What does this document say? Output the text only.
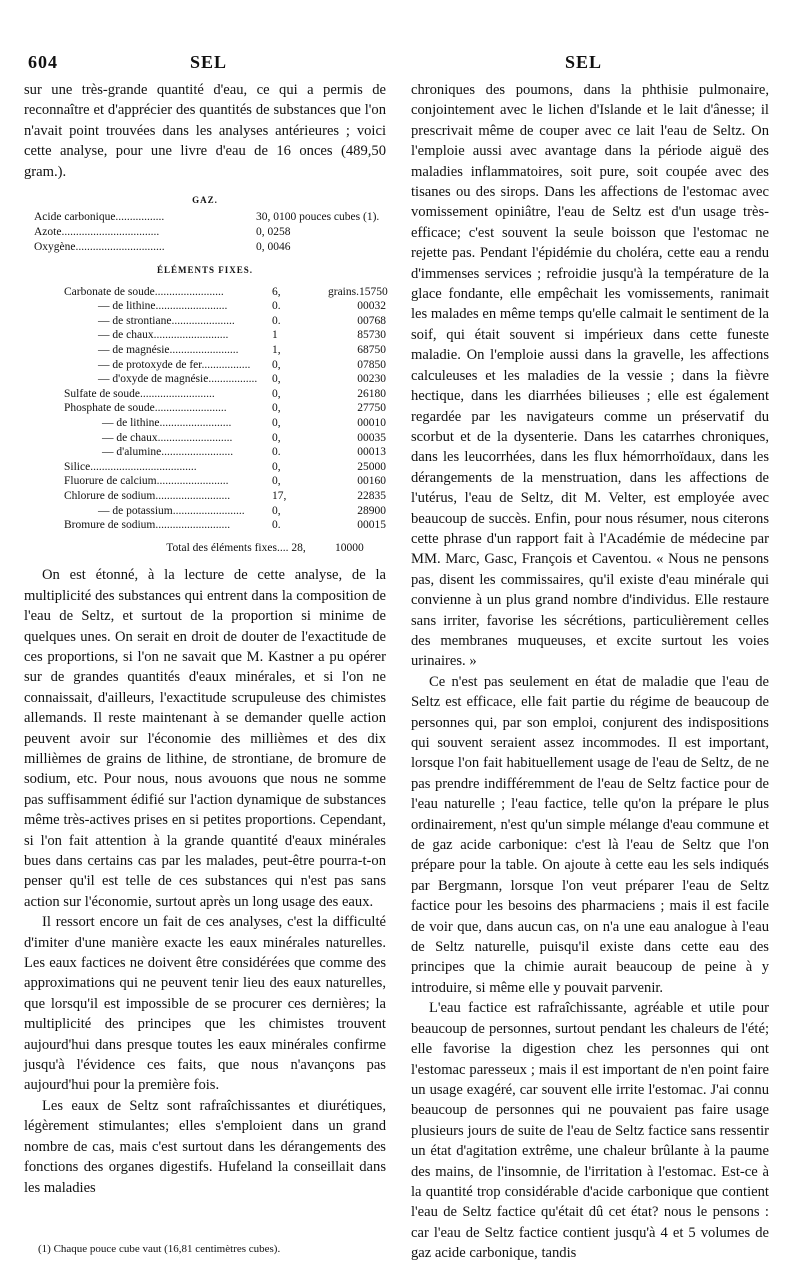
604	SEL	SEL

sur une très-grande quantité d'eau, ce qui a permis de reconnaître et d'apprécier des quantités de substances que l'on n'avait point trouvées dans les analyses antérieures ; voici cette analyse, pour une livre d'eau de 16 onces (489,50 gram.).

GAZ.

Acide carbonique.................	30, 0100 pouces cubes (1).
Azote..................................	0, 0258
Oxygène...............................	0, 0046

ÉLÉMENTS FIXES.

Carbonate de soude........................	6,	grains.15750
— de lithine.........................	0.	00032
— de strontiane......................	0.	00768
— de chaux..........................	1	85730
— de magnésie........................	1,	68750
— de protoxyde de fer.................	0,	07850
— d'oxyde de magnésie.................	0,	00230
Sulfate de soude..........................	0,	26180
Phosphate de soude.........................	0,	27750
— de lithine.........................	0,	00010
— de chaux..........................	0,	00035
— d'alumine.........................	0.	00013
Silice.....................................	0,	25000
Fluorure de calcium.........................	0,	00160
Chlorure de sodium..........................	17,	22835
— de potassium.........................	0,	28900
Bromure de sodium..........................	0.	00015
Total des éléments fixes.... 28,	10000

On est étonné, à la lecture de cette analyse, de la multiplicité des substances qui entrent dans la composition de l'eau de Seltz, et surtout de la proportion si minime de quelques unes. On serait en droit de douter de l'exactitude de ces proportions, si l'on ne savait que M. Kastner a pu opérer sur de grandes quantités d'eaux minérales, et si l'on ne connaissait, d'ailleurs, l'exactitude scrupuleuse des chimistes allemands. Il reste maintenant à se demander quelle action peuvent avoir sur l'économie des millièmes et des dix millièmes de grains de lithine, de strontiane, de bromure de sodium, etc. Pour nous, nous avouons que nous ne somme pas suffisamment édifié sur l'action dynamique de substances même très-actives prises en si petites proportions. Cependant, si l'on fait attention à la grande quantité d'eaux minérales bues dans certains cas par les malades, peut-être pourra-t-on penser qu'il est telle de ces substances qui n'est pas sans action sur l'économie, surtout après un long usage des eaux.

Il ressort encore un fait de ces analyses, c'est la difficulté d'imiter d'une manière exacte les eaux minérales naturelles. Les eaux factices ne doivent être considérées que comme des approximations qui ne peuvent tenir lieu des eaux naturelles, que lorsqu'il est impossible de se procurer ces dernières; la multiplicité des principes que les chimistes trouvent aujourd'hui dans presque toutes les eaux minérales confirme jusqu'à l'évidence ces faits, que nous n'avançons pas aujourd'hui pour la première fois.

Les eaux de Seltz sont rafraîchissantes et diurétiques, légèrement stimulantes; elles s'emploient dans un grand nombre de cas, mais c'est surtout dans les dérangements des fonctions des organes digestifs. Hufeland la conseillait dans les maladies

chroniques des poumons, dans la phthisie pulmonaire, conjointement avec le lichen d'Islande et le lait d'ânesse; il prescrivait même de couper avec ce lait l'eau de Seltz. On l'emploie aussi avec avantage dans la période aiguë des maladies inflammatoires, soit pure, soit coupée avec des tisanes ou des sirops. Dans les affections de l'estomac avec vomissement opiniâtre, l'eau de Seltz est d'un usage très-efficace; c'est souvent la seule boisson que l'estomac ne rejette pas. Pendant l'épidémie du choléra, cette eau a rendu d'immenses services ; refroidie jusqu'à la température de la glace fondante, elle empêchait les vomissements, ranimait les malades en même temps qu'elle calmait le sentiment de la soif, qui était souvent si impérieux dans cette funeste maladie. On l'emploie aussi dans la gravelle, les affections calculeuses et les maladies de la vessie ; dans la fièvre hectique, dans les diarrhées bilieuses ; elle est également regardée par les navigateurs comme un préservatif du scorbut et de la dysenterie. Dans les catarrhes chroniques, dans les leucorrhées, dans les flux hémorrhoïdaux, dans les dérangements de la menstruation, dans les affections de l'utérus, l'eau de Seltz, dit M. Velter, est employée avec beaucoup de succès. Enfin, pour nous résumer, nous citerons cette phrase d'un rapport fait à l'Académie de médecine par MM. Marc, Gasc, François et Caventou. « Nous ne pensons pas, disent les commissaires, qu'il existe d'eau minérale qui convienne à un plus grand nombre d'individus. Elle restaure sans irriter, favorise les sécrétions, particulièrement celles des membranes muqueuses, et excite surtout les voies urinaires. »

Ce n'est pas seulement en état de maladie que l'eau de Seltz est efficace, elle fait partie du régime de beaucoup de personnes qui, par son emploi, conjurent des indispositions qui souvent seraient assez incommodes. Il est important, lorsque l'on fait habituellement usage de l'eau de Seltz, de ne pas prendre indifféremment de l'eau de Seltz factice pour de l'eau naturelle ; l'eau factice, telle qu'on la prépare le plus ordinairement, n'est qu'un simple mélange d'eau commune et de gaz acide carbonique: c'est là l'eau de Seltz que l'on prépare pour la table. On ajoute à cette eau les sels indiqués par Bergmann, lorsque l'on veut préparer l'eau de Seltz factice pour les besoins des pharmaciens ; mais il est facile de voir que, dans aucun cas, on n'a une eau analogue à l'eau de Seltz naturelle, puisqu'il existe dans cette eau des principes que la chimie aurait beaucoup de peine à y introduire, si même elle y pouvait parvenir.

L'eau factice est rafraîchissante, agréable et utile pour beaucoup de personnes, surtout pendant les chaleurs de l'été; elle favorise la digestion chez les personnes qui ont l'estomac paresseux ; mais il est important de n'en point faire un usage exagéré, car souvent elle irrite l'estomac. J'ai connu beaucoup de personnes qui ne pouvaient pas faire usage plusieurs jours de suite de l'eau de Seltz factice sans ressentir un état d'agitation extrême, une chaleur brûlante à la paume des mains, de l'insomnie, de l'irritation à l'estomac. Est-ce à la quantité trop considérable d'acide carbonique que contient l'eau de Seltz factice qu'était dû cet état? nous le pensons : car l'eau de Seltz factice contient jusqu'à 4 et 5 volumes de gaz acide carbonique, tandis

(1) Chaque pouce cube vaut (16,81 centimètres cubes).
